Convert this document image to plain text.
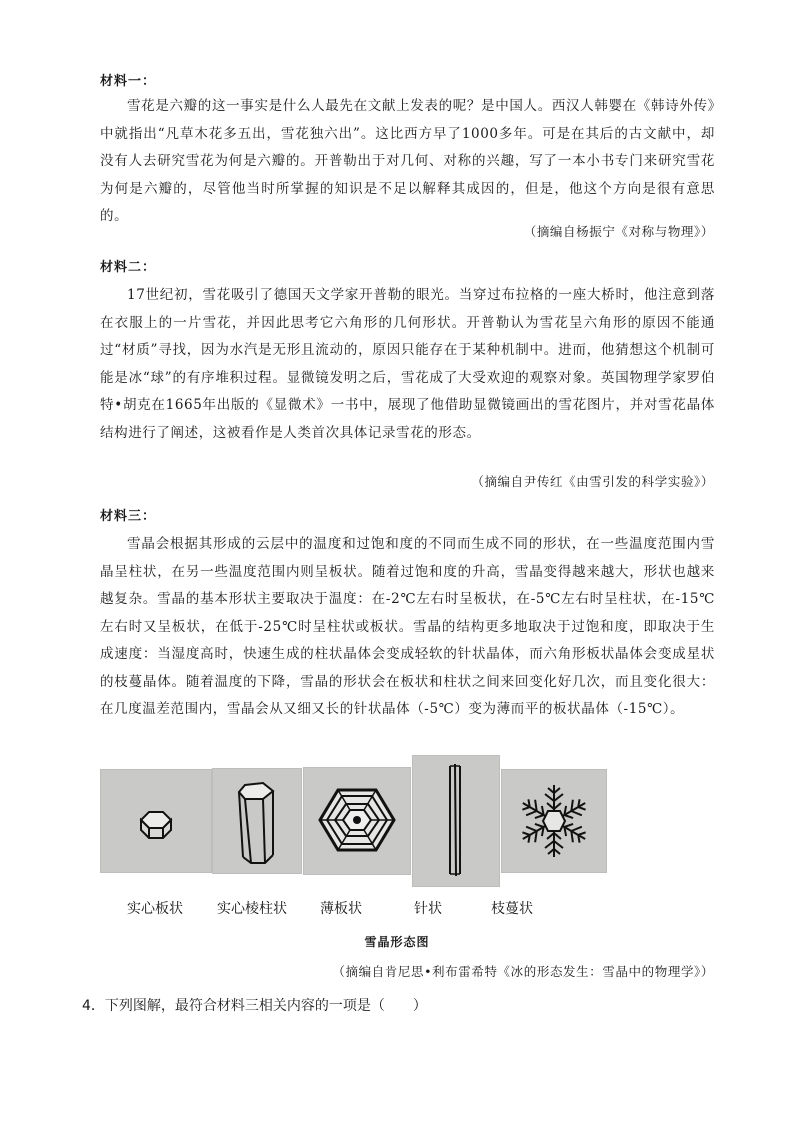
材料一：

雪花是六瓣的这一事实是什么人最先在文献上发表的呢？是中国人。西汉人韩婴在《韩诗外传》中就指出“凡草木花多五出，雪花独六出”。这比西方早了1000多年。可是在其后的古文献中，却没有人去研究雪花为何是六瓣的。开普勒出于对几何、对称的兴趣，写了一本小书专门来研究雪花为何是六瓣的，尽管他当时所掌握的知识是不足以解释其成因的，但是，他这个方向是很有意思的。

（摘编自杨振宁《对称与物理》）
材料二：

17世纪初，雪花吸引了德国天文学家开普勒的眼光。当穿过布拉格的一座大桥时，他注意到落在衣服上的一片雪花，并因此思考它六角形的几何形状。开普勒认为雪花呈六角形的原因不能通过“材质”寻找，因为水汽是无形且流动的，原因只能存在于某种机制中。进而，他猜想这个机制可能是冰“球”的有序堆积过程。显微镜发明之后，雪花成了大受欢迎的观察对象。英国物理学家罗伯特•胡克在1665年出版的《显微术》一书中，展现了他借助显微镜画出的雪花图片，并对雪花晶体结构进行了阐述，这被看作是人类首次具体记录雪花的形态。

（摘编自尹传红《由雪引发的科学实验》）
材料三：

雪晶会根据其形成的云层中的温度和过饱和度的不同而生成不同的形状，在一些温度范围内雪晶呈柱状，在另一些温度范围内则呈板状。随着过饱和度的升高，雪晶变得越来越大，形状也越来越复杂。雪晶的基本形状主要取决于温度：在-2℃左右时呈板状，在-5℃左右时呈柱状，在-15℃左右时又呈板状，在低于-25℃时呈柱状或板状。雪晶的结构更多地取决于过饱和度，即取决于生成速度：当湿度高时，快速生成的柱状晶体会变成轻软的针状晶体，而六角形板状晶体会变成星状的枝蔓晶体。随着温度的下降，雪晶的形状会在板状和柱状之间来回变化好几次，而且变化很大：在几度温差范围内，雪晶会从又细又长的针状晶体（-5℃）变为薄而平的板状晶体（-15℃）。

实心板状 实心棱柱状 薄板状	针状	枝蔓状
雪晶形态图
（摘编自肯尼思•利布雷希特《冰的形态发生：雪晶中的物理学》）
4．下列图解，最符合材料三相关内容的一项是（　　）
